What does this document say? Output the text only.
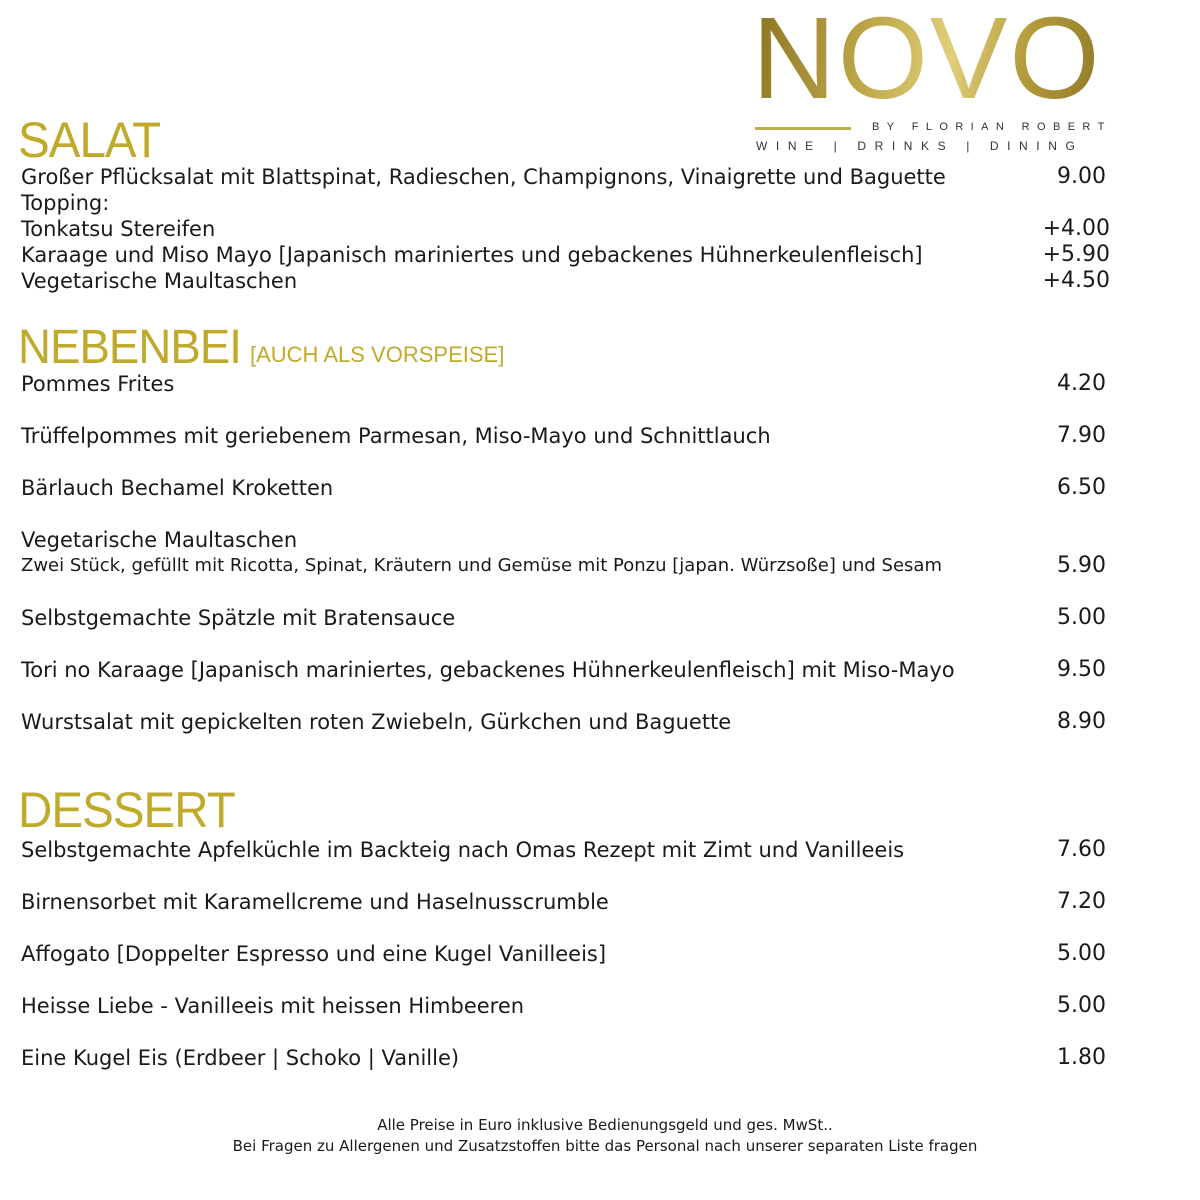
NOVO
BY FLORIAN ROBERT
WINE | DRINKS | DINING
SALAT
Großer Pflücksalat mit Blattspinat, Radieschen, Champignons, Vinaigrette und Baguette	9.00
Topping:
Tonkatsu Stereifen	+4.00
Karaage und Miso Mayo [Japanisch mariniertes und gebackenes Hühnerkeulenfleisch]	+5.90
Vegetarische Maultaschen	+4.50
NEBENBEI [AUCH ALS VORSPEISE]
Pommes Frites	4.20
Trüffelpommes mit geriebenem Parmesan, Miso-Mayo und Schnittlauch	7.90
Bärlauch Bechamel Kroketten	6.50
Vegetarische Maultaschen
Zwei Stück, gefüllt mit Ricotta, Spinat, Kräutern und Gemüse mit Ponzu [japan. Würzsoße] und Sesam	5.90
Selbstgemachte Spätzle mit Bratensauce	5.00
Tori no Karaage [Japanisch mariniertes, gebackenes Hühnerkeulenfleisch] mit Miso-Mayo	9.50
Wurstsalat mit gepickelten roten Zwiebeln, Gürkchen und Baguette	8.90
DESSERT
Selbstgemachte Apfelküchle im Backteig nach Omas Rezept mit Zimt und Vanilleeis	7.60
Birnensorbet mit Karamellcreme und Haselnusscrumble	7.20
Affogato [Doppelter Espresso und eine Kugel Vanilleeis]	5.00
Heisse Liebe - Vanilleeis mit heissen Himbeeren	5.00
Eine Kugel Eis (Erdbeer | Schoko | Vanille)	1.80
Alle Preise in Euro inklusive Bedienungsgeld und ges. MwSt..
Bei Fragen zu Allergenen und Zusatzstoffen bitte das Personal nach unserer separaten Liste fragen
